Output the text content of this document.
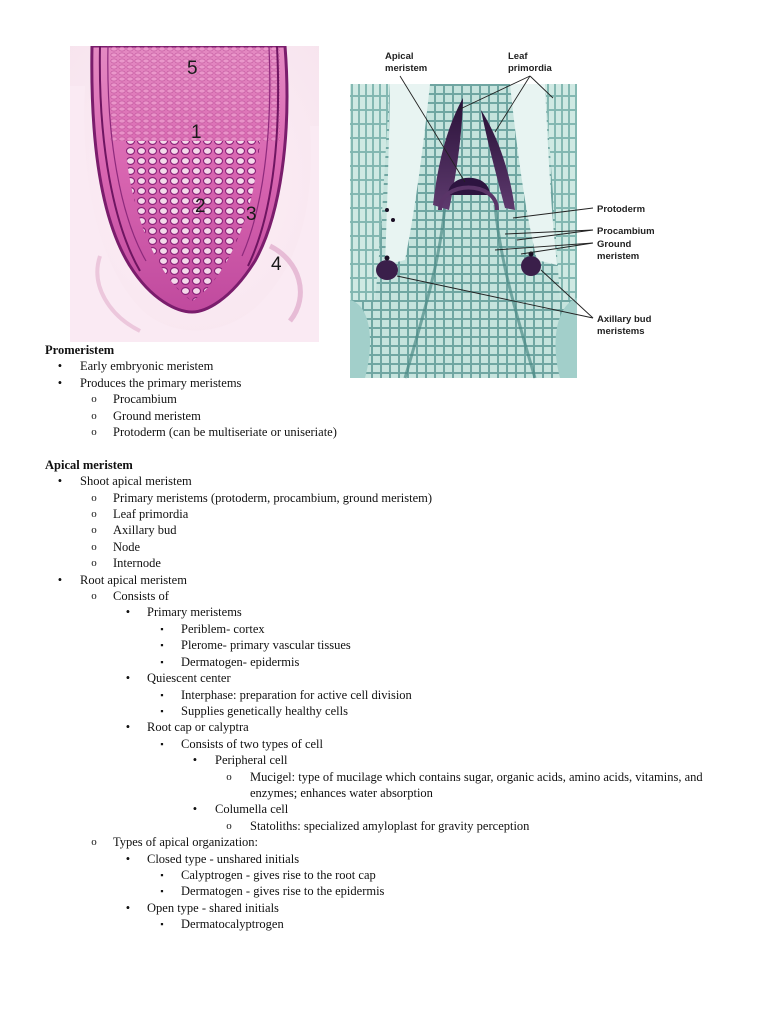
5
1
2 3
4
Apical
meristem
Leaf
primordia
Protoderm
Procambium
Ground
meristem
Axillary bud
meristems
Promeristem
•	Early embryonic meristem
•	Produces the primary meristems
o	Procambium
o	Ground meristem
o	Protoderm (can be multiseriate or uniseriate)
Apical meristem
•	Shoot apical meristem
o	Primary meristems (protoderm, procambium, ground meristem)
o	Leaf primordia
o	Axillary bud
o	Node
o	Internode
•	Root apical meristem
o	Consists of
•	Primary meristems
▪	Periblem- cortex
▪	Plerome- primary vascular tissues
▪	Dermatogen- epidermis
•	Quiescent center
▪	Interphase: preparation for active cell division
▪	Supplies genetically healthy cells
•	Root cap or calyptra
▪	Consists of two types of cell
•	Peripheral cell
o	Mucigel: type of mucilage which contains sugar, organic acids, amino acids, vitamins, and enzymes; enhances water absorption
•	Columella cell
o	Statoliths: specialized amyloplast for gravity perception
o	Types of apical organization:
•	Closed type - unshared initials
▪	Calyptrogen - gives rise to the root cap
▪	Dermatogen - gives rise to the epidermis
•	Open type - shared initials
▪	Dermatocalyptrogen
